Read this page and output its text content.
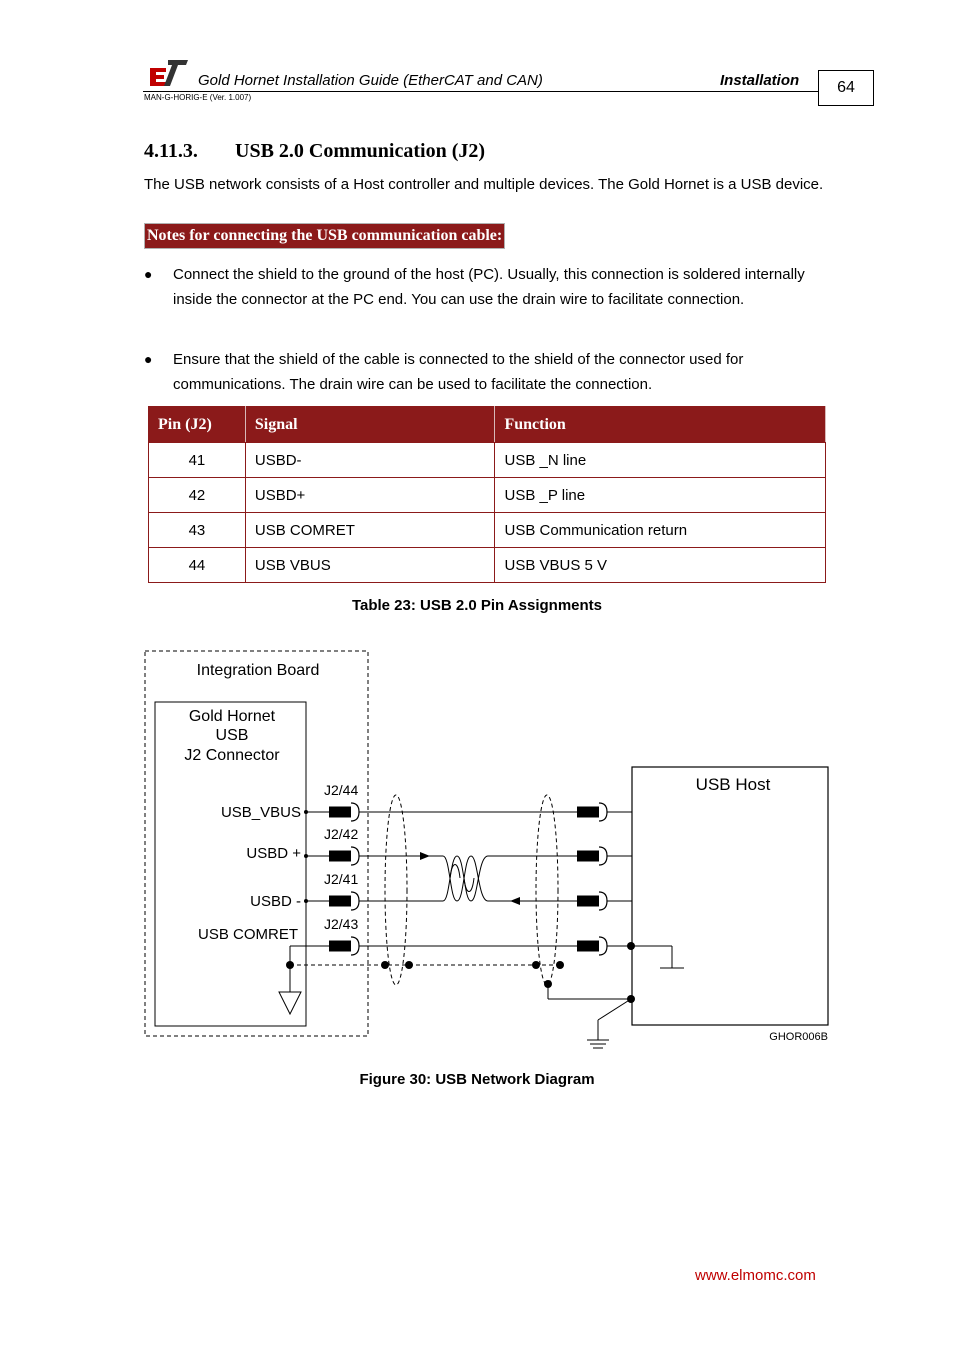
Gold Hornet Installation Guide (EtherCAT and CAN)	Installation
MAN-G-HORIG-E (Ver. 1.007)
64
4.11.3. USB 2.0 Communication (J2)
The USB network consists of a Host controller and multiple devices. The Gold Hornet is a USB device.
Notes for connecting the USB communication cable:
● Connect the shield to the ground of the host (PC). Usually, this connection is soldered internally inside the connector at the PC end. You can use the drain wire to facilitate connection.
● Ensure that the shield of the cable is connected to the shield of the connector used for communications. The drain wire can be used to facilitate the connection.
Pin (J2)	Signal	Function
41	USBD-	USB _N line
42	USBD+	USB _P line
43	USB COMRET	USB Communication return
44	USB VBUS	USB VBUS 5 V
Table 23: USB 2.0 Pin Assignments
Integration Board
Gold Hornet
USB
J2 Connector
USB_VBUS
USBD +
USBD -
USB COMRET
J2/44
J2/42
J2/41
J2/43
USB Host
GHOR006B
Figure 30: USB Network Diagram
www.elmomc.com
